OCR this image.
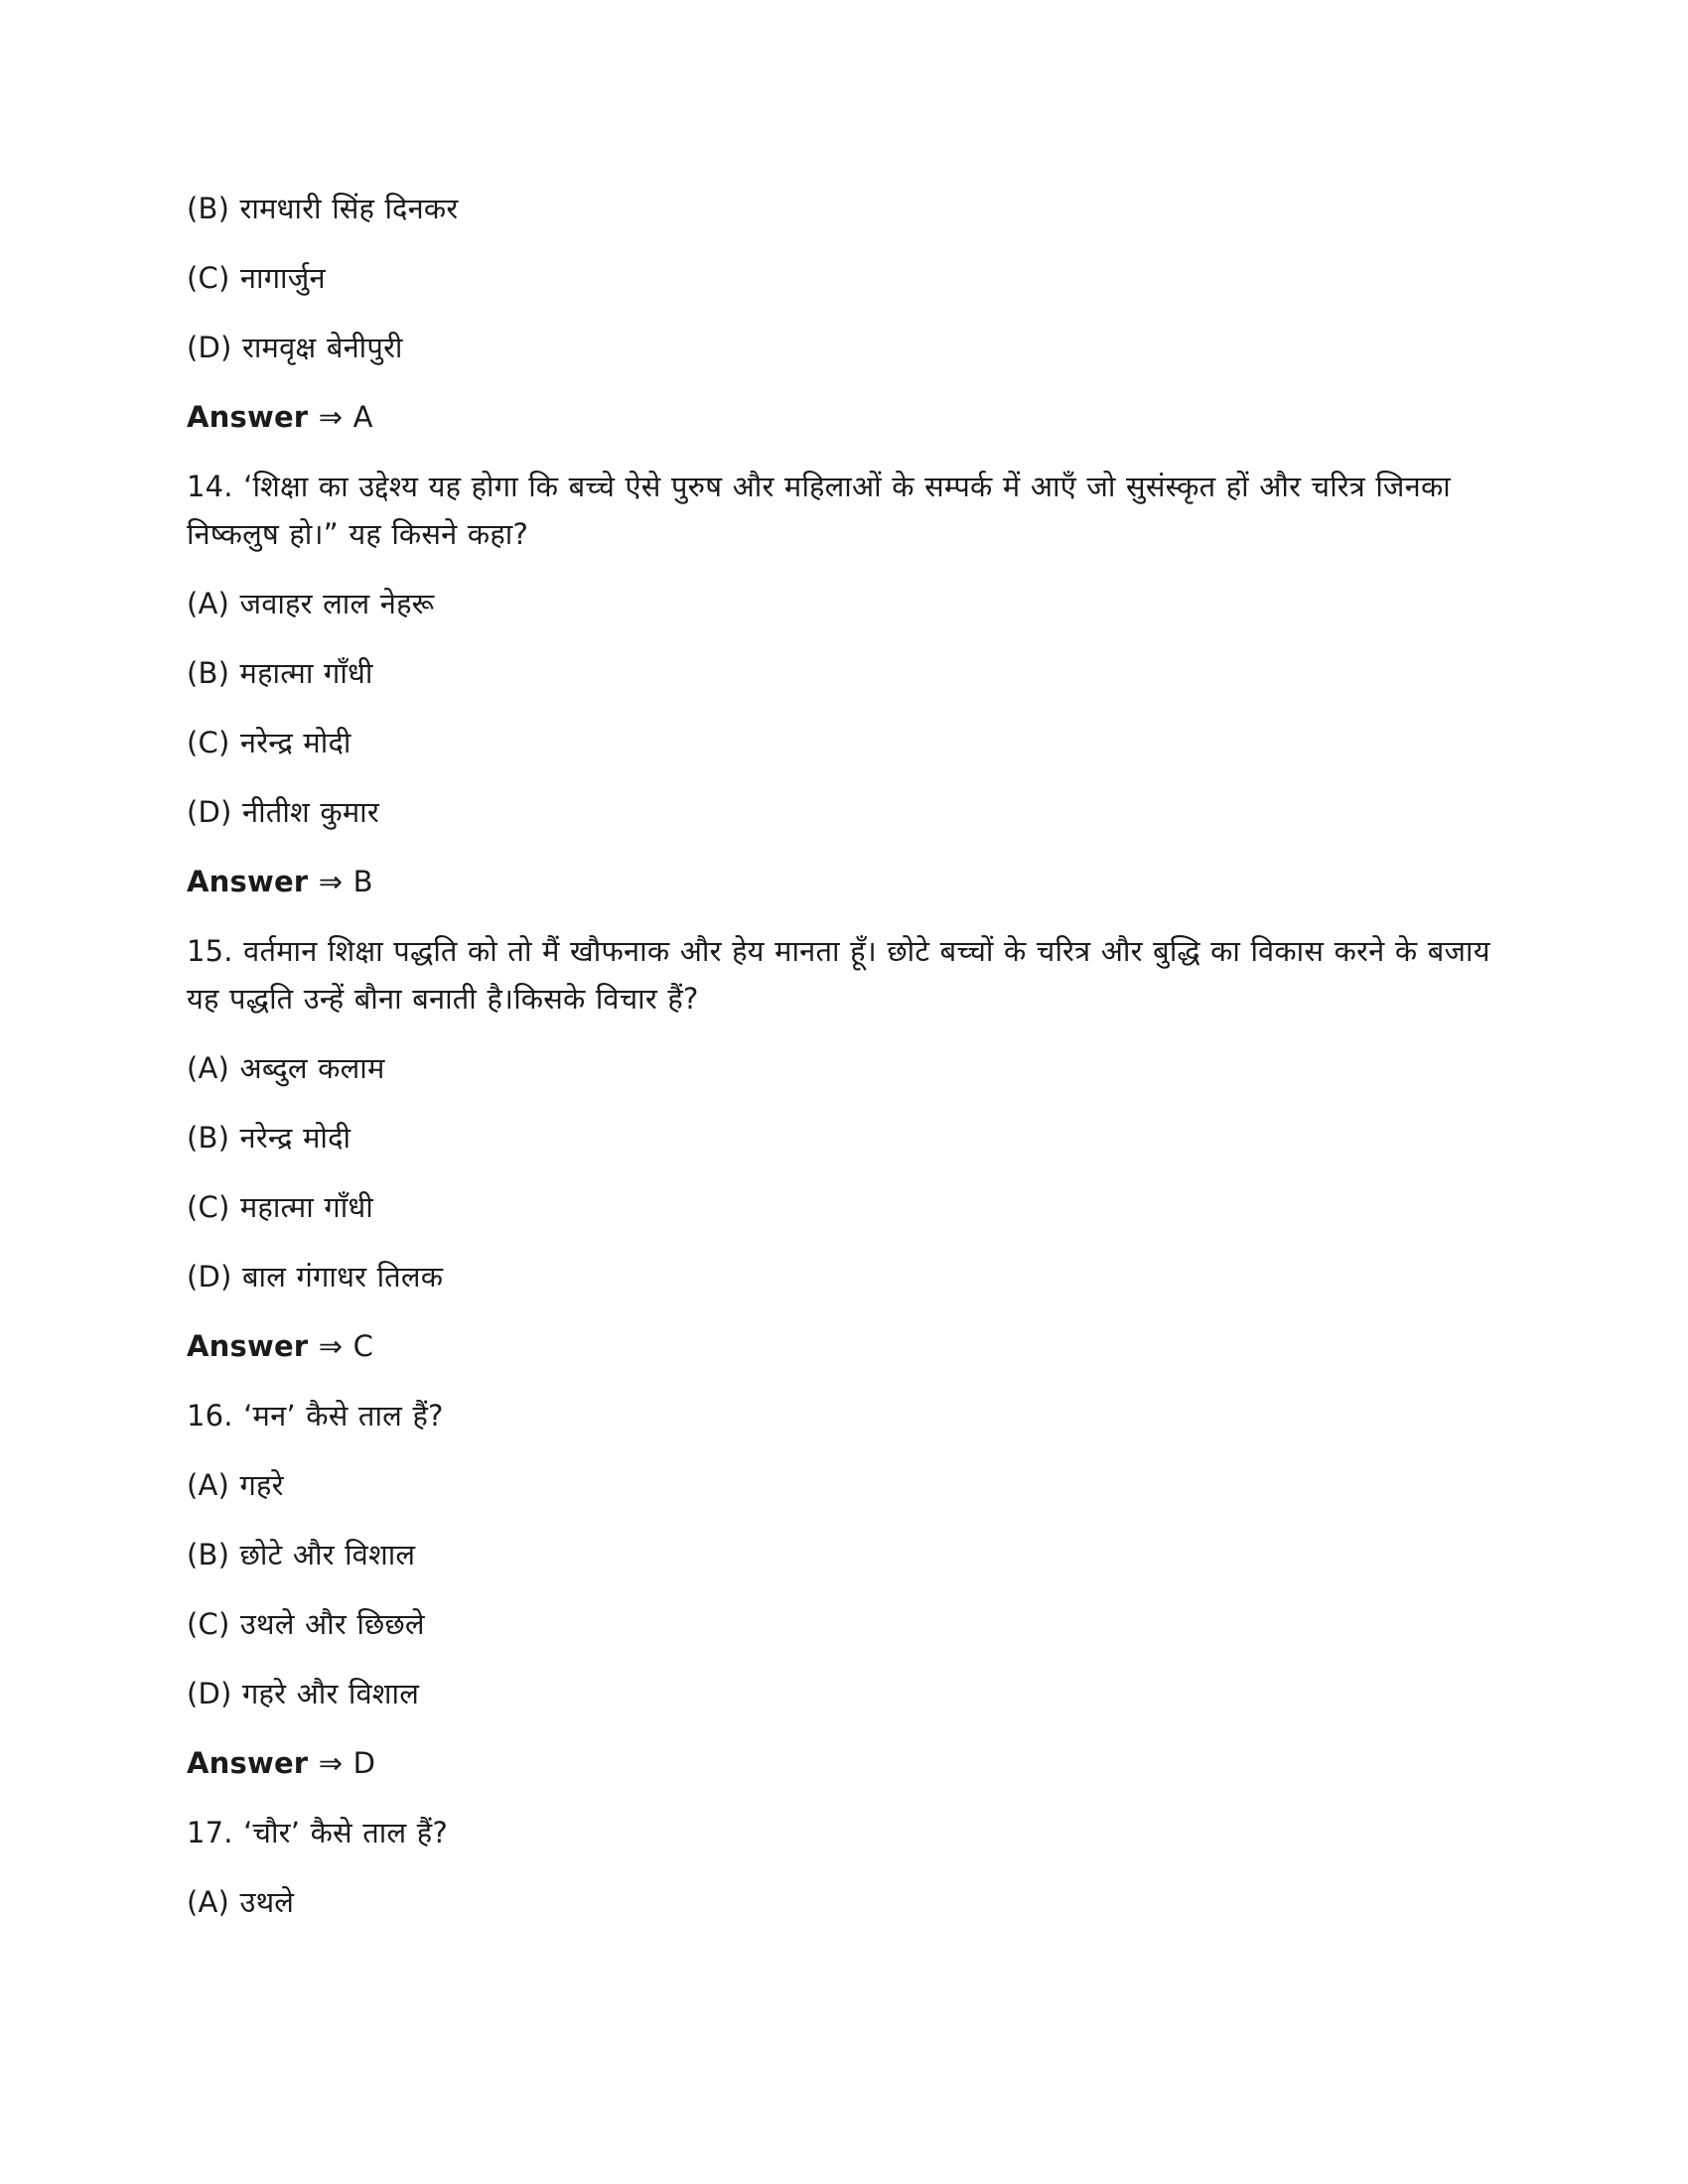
(B) रामधारी सिंह दिनकर

(C) नागार्जुन

(D) रामवृक्ष बेनीपुरी

Answer ⇒ A

14. ‘शिक्षा का उद्देश्य यह होगा कि बच्चे ऐसे पुरुष और महिलाओं के सम्पर्क में आएँ जो सुसंस्कृत हों और चरित्र जिनका निष्कलुष हो।” यह किसने कहा?

(A) जवाहर लाल नेहरू

(B) महात्मा गाँधी

(C) नरेन्द्र मोदी

(D) नीतीश कुमार

Answer ⇒ B

15. वर्तमान शिक्षा पद्धति को तो मैं खौफनाक और हेय मानता हूँ। छोटे बच्चों के चरित्र और बुद्धि का विकास करने के बजाय यह पद्धति उन्हें बौना बनाती है।किसके विचार हैं?

(A) अब्दुल कलाम

(B) नरेन्द्र मोदी

(C) महात्मा गाँधी

(D) बाल गंगाधर तिलक

Answer ⇒ C

16. ‘मन’ कैसे ताल हैं?

(A) गहरे

(B) छोटे और विशाल

(C) उथले और छिछले

(D) गहरे और विशाल

Answer ⇒ D

17. ‘चौर’ कैसे ताल हैं?

(A) उथले
